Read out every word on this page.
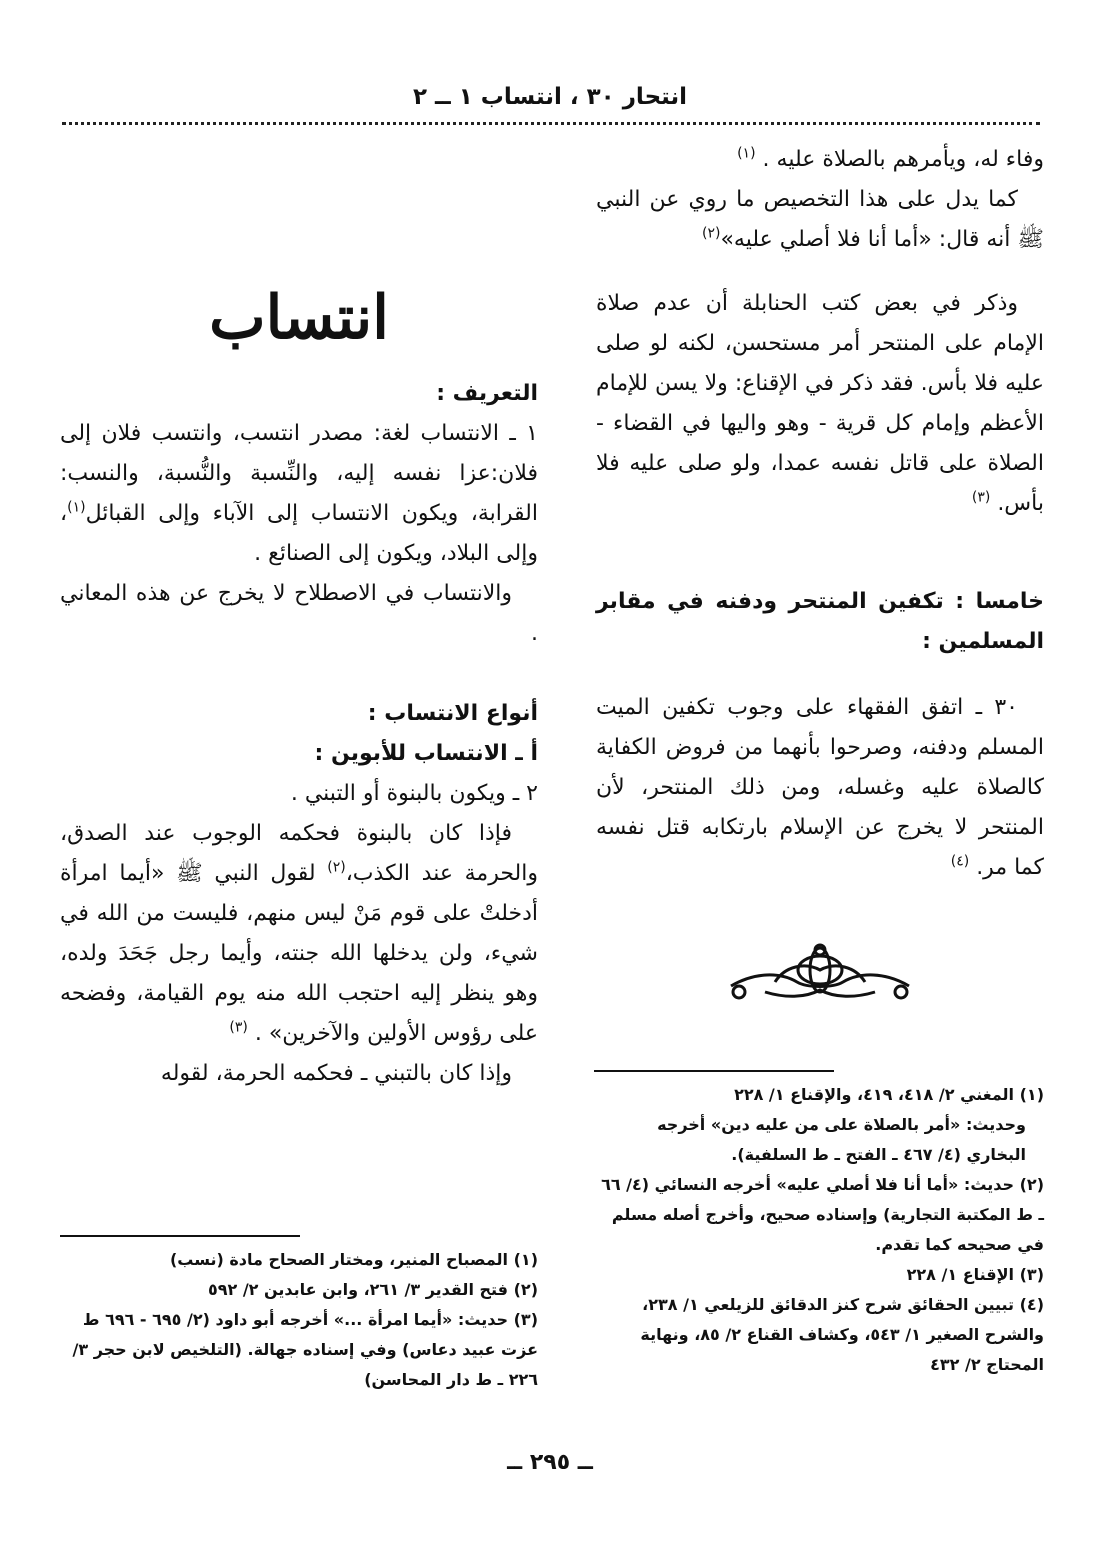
انتحار ٣٠ ، انتساب ١ ــ ٢

وفاء له، ويأمرهم بالصلاة عليه . $^{(١)}$

كما يدل على هذا التخصيص ما روي عن النبي ﷺ أنه قال: «أما أنا فلا أصلي عليه»$^{(٢)}$

وذكر في بعض كتب الحنابلة أن عدم صلاة الإمام على المنتحر أمر مستحسن، لكنه لو صلى عليه فلا بأس. فقد ذكر في الإقناع: ولا يسن للإمام الأعظم وإمام كل قرية - وهو واليها في القضاء - الصلاة على قاتل نفسه عمدا، ولو صلى عليه فلا بأس. $^{(٣)}$

خامسا : تكفين المنتحر ودفنه في مقابر المسلمين :

٣٠ ـ اتفق الفقهاء على وجوب تكفين الميت المسلم ودفنه، وصرحوا بأنهما من فروض الكفاية كالصلاة عليه وغسله، ومن ذلك المنتحر، لأن المنتحر لا يخرج عن الإسلام بارتكابه قتل نفسه كما مر. $^{(٤)}$

انتساب

التعريف :

١ ـ الانتساب لغة: مصدر انتسب، وانتسب فلان إلى فلان:عزا نفسه إليه، والنِّسبة والنُّسبة، والنسب: القرابة، ويكون الانتساب إلى الآباء وإلى القبائل$^{(١)}$، وإلى البلاد، ويكون إلى الصنائع .

والانتساب في الاصطلاح لا يخرج عن هذه المعاني .

أنواع الانتساب :

أ ـ الانتساب للأبوين :

٢ ـ ويكون بالبنوة أو التبني .

فإذا كان بالبنوة فحكمه الوجوب عند الصدق، والحرمة عند الكذب،$^{(٢)}$ لقول النبي ﷺ «أيما امرأة أدخلتْ على قوم مَنْ ليس منهم، فليست من الله في شيء، ولن يدخلها الله جنته، وأيما رجل جَحَدَ ولده، وهو ينظر إليه احتجب الله منه يوم القيامة، وفضحه على رؤوس الأولين والآخرين» . $^{(٣)}$

وإذا كان بالتبني ـ فحكمه الحرمة، لقوله

(١) المغني ٢/ ٤١٨، ٤١٩، والإقناع ١/ ٢٢٨

وحديث: «أمر بالصلاة على من عليه دين» أخرجه البخاري (٤/ ٤٦٧ ـ الفتح ـ ط السلفية).

(٢) حديث: «أما أنا فلا أصلي عليه» أخرجه النسائي (٤/ ٦٦ ـ ط المكتبة التجارية) وإسناده صحيح، وأخرج أصله مسلم في صحيحه كما تقدم.

(٣) الإقناع ١/ ٢٢٨

(٤) تبيين الحقائق شرح كنز الدقائق للزيلعي ١/ ٢٣٨، والشرح الصغير ١/ ٥٤٣، وكشاف القناع ٢/ ٨٥، ونهاية المحتاج ٢/ ٤٣٢

(١) المصباح المنير، ومختار الصحاح مادة (نسب)

(٢) فتح القدير ٣/ ٢٦١، وابن عابدين ٢/ ٥٩٢

(٣) حديث: «أيما امرأة ...» أخرجه أبو داود (٢/ ٦٩٥ - ٦٩٦ ط عزت عبيد دعاس) وفي إسناده جهالة. (التلخيص لابن حجر ٣/ ٢٢٦ ـ ط دار المحاسن)

ــ ٢٩٥ ــ
